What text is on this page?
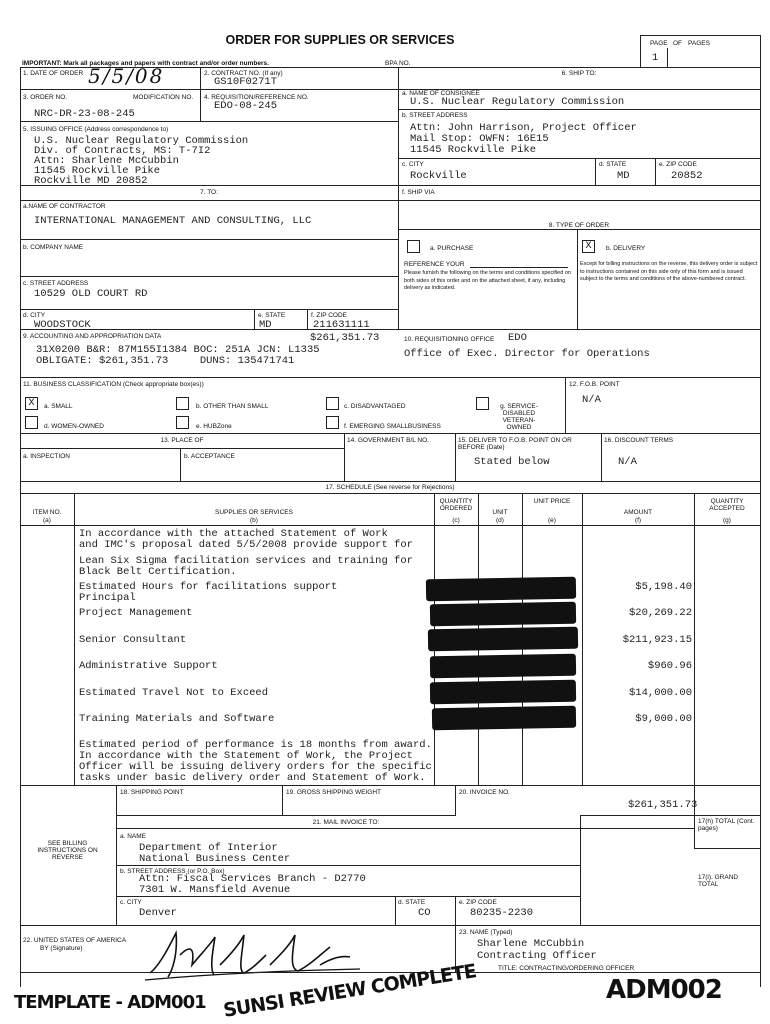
ORDER FOR SUPPLIES OR SERVICES	PAGE OF PAGES
1
IMPORTANT: Mark all packages and papers with contract and/or order numbers.	BPA NO.
1. DATE OF ORDER 5/5/08	2. CONTRACT NO. (If any)
GS10F0271T
6. SHIP TO:
3. ORDER NO.	MODIFICATION NO.
NRC-DR-23-08-245
4. REQUISITION/REFERENCE NO.
EDO-08-245
a. NAME OF CONSIGNEE
U.S. Nuclear Regulatory Commission
b. STREET ADDRESS
Attn: John Harrison, Project Officer
Mail Stop: OWFN: 16E15
11545 Rockville Pike
5. ISSUING OFFICE (Address correspondence to)
U.S. Nuclear Regulatory Commission
Div. of Contracts, MS: T-7I2
Attn: Sharlene McCubbin
11545 Rockville Pike
Rockville MD 20852
c. CITY
Rockville
d. STATE
MD
e. ZIP CODE
20852
f. SHIP VIA
7. TO:
a.NAME OF CONTRACTOR
INTERNATIONAL MANAGEMENT AND CONSULTING, LLC	8. TYPE OF ORDER
b. COMPANY NAME	a. PURCHASE
REFERENCE YOUR
Please furnish the following on the terms and conditions specified on both sides of this order and on the attached sheet, if any, including delivery as indicated.
X	b. DELIVERY
Except for billing instructions on the reverse, this delivery order is subject to instructions contained on this side only of this form and is issued subject to the terms and conditions of the above-numbered contract.
c. STREET ADDRESS
10529 OLD COURT RD
d. CITY
WOODSTOCK
e. STATE
MD
f. ZIP CODE
211631111
9. ACCOUNTING AND APPROPRIATION DATA	$261,351.73
31X0200 B&R: 87M155I1384 BOC: 251A JCN: L1335
OBLIGATE: $261,351.73     DUNS: 135471741
10. REQUISITIONING OFFICE EDO
Office of Exec. Director for Operations
11. BUSINESS CLASSIFICATION (Check appropriate box(es))	12. F.O.B. POINT
N/A
X	a. SMALL	b. OTHER THAN SMALL	c. DISADVANTAGED	g. SERVICE-DISABLED VETERAN-OWNED
d. WOMEN-OWNED	e. HUBZone	f. EMERGING SMALLBUSINESS
13. PLACE OF
a. INSPECTION	b. ACCEPTANCE
14. GOVERNMENT B/L NO.	15. DELIVER TO F.O.B. POINT ON OR BEFORE (Date)
Stated below
16. DISCOUNT TERMS
N/A
17. SCHEDULE (See reverse for Rejections)
ITEM NO.
(a)
SUPPLIES OR SERVICES
(b)
QUANTITY ORDERED
(c)
UNIT
(d)
UNIT PRICE
(e)
AMOUNT
(f)
QUANTITY ACCEPTED
(g)
In accordance with the attached Statement of Work
and IMC's proposal dated 5/5/2008 provide support for
Lean Six Sigma facilitation services and training for
Black Belt Certification.
Estimated Hours for facilitations support
Principal
$5,198.40
Project Management	$20,269.22
Senior Consultant	$211,923.15
Administrative Support	$960.96
Estimated Travel Not to Exceed	$14,000.00
Training Materials and Software	$9,000.00
Estimated period of performance is 18 months from award.
In accordance with the Statement of Work, the Project
Officer will be issuing delivery orders for the specific
tasks under basic delivery order and Statement of Work.
18. SHIPPING POINT	19. GROSS SHIPPING WEIGHT	20. INVOICE NO.
$261,351.73
21. MAIL INVOICE TO:	17(h) TOTAL (Cont. pages)
17(i). GRAND TOTAL
SEE BILLING INSTRUCTIONS ON REVERSE
a. NAME
Department of Interior
National Business Center
b. STREET ADDRESS (or P.O. Box)
Attn: Fiscal Services Branch - D2770
7301 W. Mansfield Avenue
c. CITY
Denver
d. STATE
CO
e. ZIP CODE
80235-2230
22. UNITED STATES OF AMERICA
BY (Signature)
23. NAME (Typed)
Sharlene McCubbin
Contracting Officer
TITLE: CONTRACTING/ORDERING OFFICER
TEMPLATE - ADM001 SUNSI REVIEW COMPLETE	ADM002
